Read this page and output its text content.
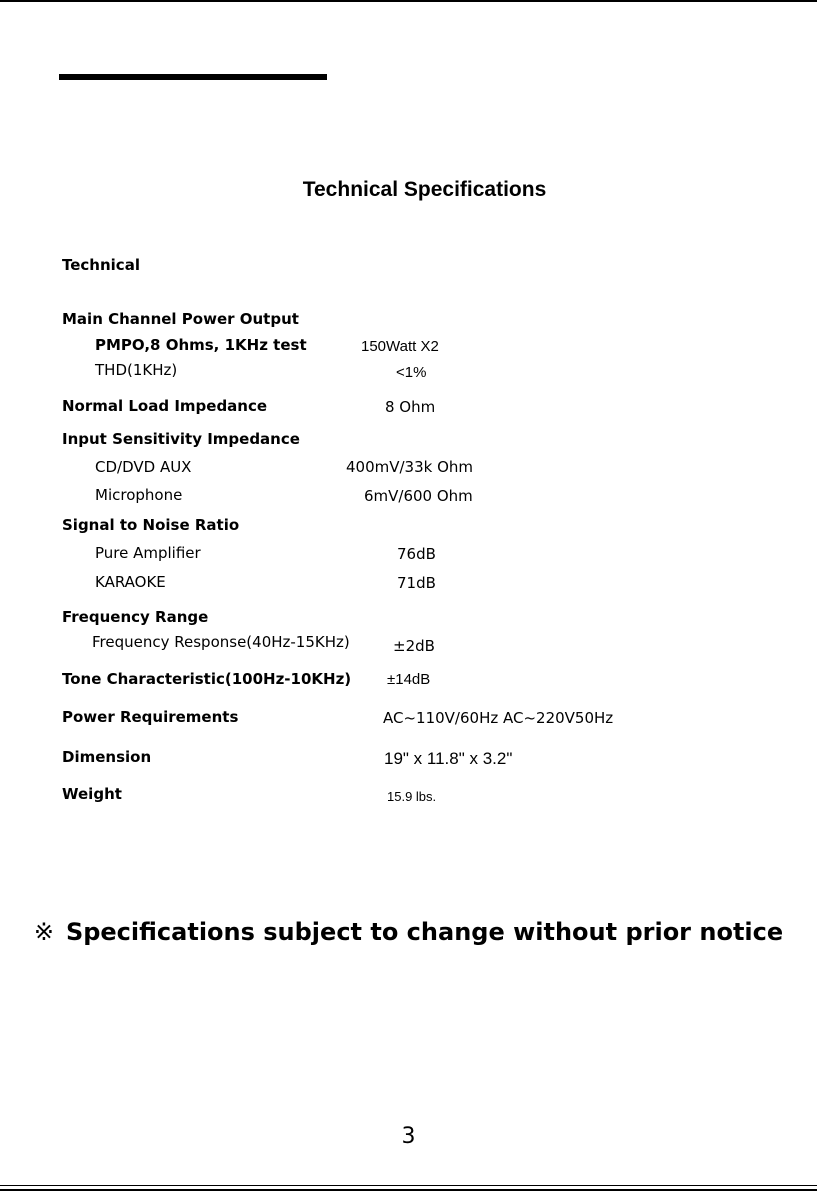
Technical Specifications
Technical
Main Channel Power Output
PMPO,8 Ohms, 1KHz test	150Watt X2
THD(1KHz)	<1%
Normal Load Impedance	8 Ohm
Input Sensitivity Impedance
CD/DVD AUX	400mV/33k Ohm
Microphone	6mV/600 Ohm
Signal to Noise Ratio
Pure Amplifier	76dB
KARAOKE	71dB
Frequency Range
Frequency Response(40Hz-15KHz)	±2dB
Tone Characteristic(100Hz-10KHz) ±14dB
Power Requirements	AC~110V/60Hz AC~220V50Hz
Dimension	19" x 11.8" x 3.2"
Weight	15.9 lbs.
※ Specifications subject to change without prior notice
3
